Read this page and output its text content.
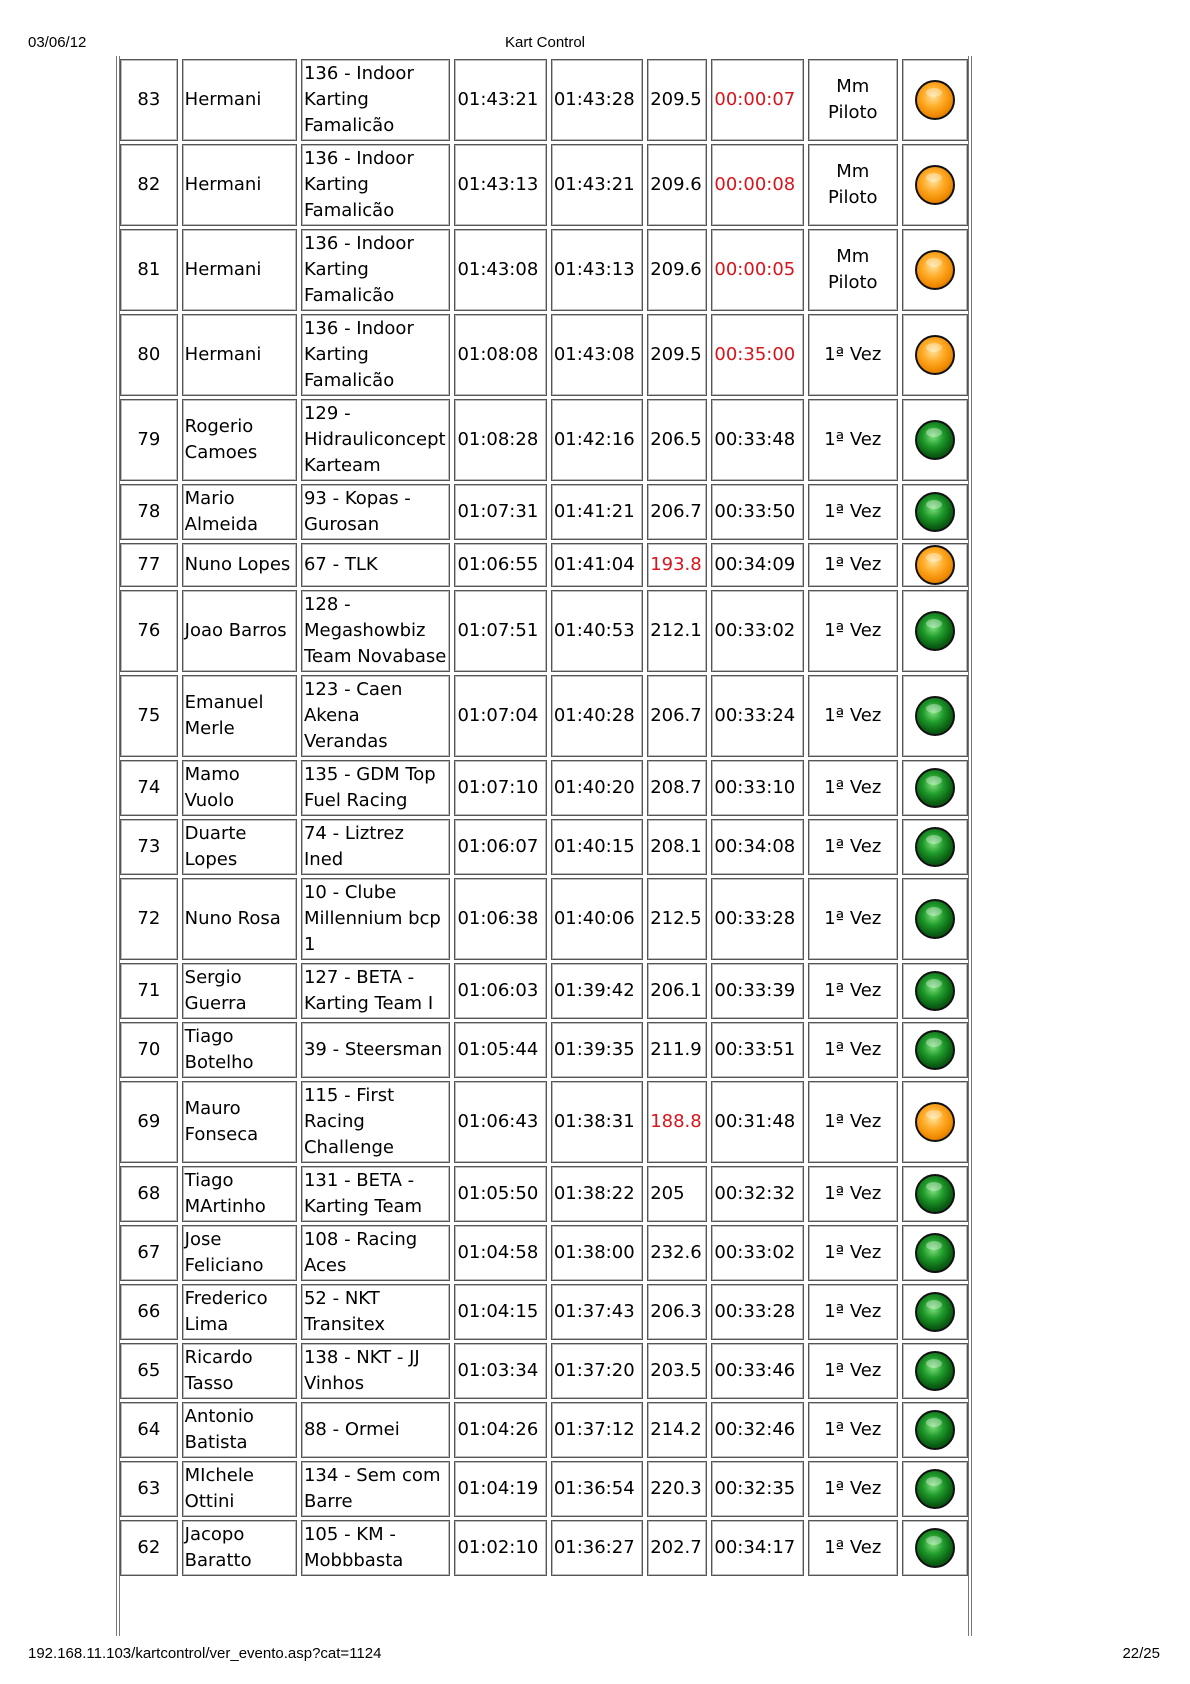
03/06/12	Kart Control
83	Hermani	136 - Indoor Karting Famalicão	01:43:21	01:43:28	209.5	00:00:07	Mm Piloto	
82	Hermani	136 - Indoor Karting Famalicão	01:43:13	01:43:21	209.6	00:00:08	Mm Piloto	
81	Hermani	136 - Indoor Karting Famalicão	01:43:08	01:43:13	209.6	00:00:05	Mm Piloto	
80	Hermani	136 - Indoor Karting Famalicão	01:08:08	01:43:08	209.5	00:35:00	1ª Vez	
79	Rogerio Camoes	129 - Hidrauliconcept Karteam	01:08:28	01:42:16	206.5	00:33:48	1ª Vez	
78	Mario Almeida	93 - Kopas - Gurosan	01:07:31	01:41:21	206.7	00:33:50	1ª Vez	
77	Nuno Lopes	67 - TLK	01:06:55	01:41:04	193.8	00:34:09	1ª Vez	
76	Joao Barros	128 - Megashowbiz Team Novabase	01:07:51	01:40:53	212.1	00:33:02	1ª Vez	
75	Emanuel Merle	123 - Caen Akena Verandas	01:07:04	01:40:28	206.7	00:33:24	1ª Vez	
74	Mamo Vuolo	135 - GDM Top Fuel Racing	01:07:10	01:40:20	208.7	00:33:10	1ª Vez	
73	Duarte Lopes	74 - Liztrez Ined	01:06:07	01:40:15	208.1	00:34:08	1ª Vez	
72	Nuno Rosa	10 - Clube Millennium bcp 1	01:06:38	01:40:06	212.5	00:33:28	1ª Vez	
71	Sergio Guerra	127 - BETA - Karting Team I	01:06:03	01:39:42	206.1	00:33:39	1ª Vez	
70	Tiago Botelho	39 - Steersman	01:05:44	01:39:35	211.9	00:33:51	1ª Vez	
69	Mauro Fonseca	115 - First Racing Challenge	01:06:43	01:38:31	188.8	00:31:48	1ª Vez	
68	Tiago MArtinho	131 - BETA - Karting Team	01:05:50	01:38:22	205	00:32:32	1ª Vez	
67	Jose Feliciano	108 - Racing Aces	01:04:58	01:38:00	232.6	00:33:02	1ª Vez	
66	Frederico Lima	52 - NKT Transitex	01:04:15	01:37:43	206.3	00:33:28	1ª Vez	
65	Ricardo Tasso	138 - NKT - JJ Vinhos	01:03:34	01:37:20	203.5	00:33:46	1ª Vez	
64	Antonio Batista	88 - Ormei	01:04:26	01:37:12	214.2	00:32:46	1ª Vez	
63	MIchele Ottini	134 - Sem com Barre	01:04:19	01:36:54	220.3	00:32:35	1ª Vez	
62	Jacopo Baratto	105 - KM - Mobbbasta	01:02:10	01:36:27	202.7	00:34:17	1ª Vez	
192.168.11.103/kartcontrol/ver_evento.asp?cat=1124	22/25
